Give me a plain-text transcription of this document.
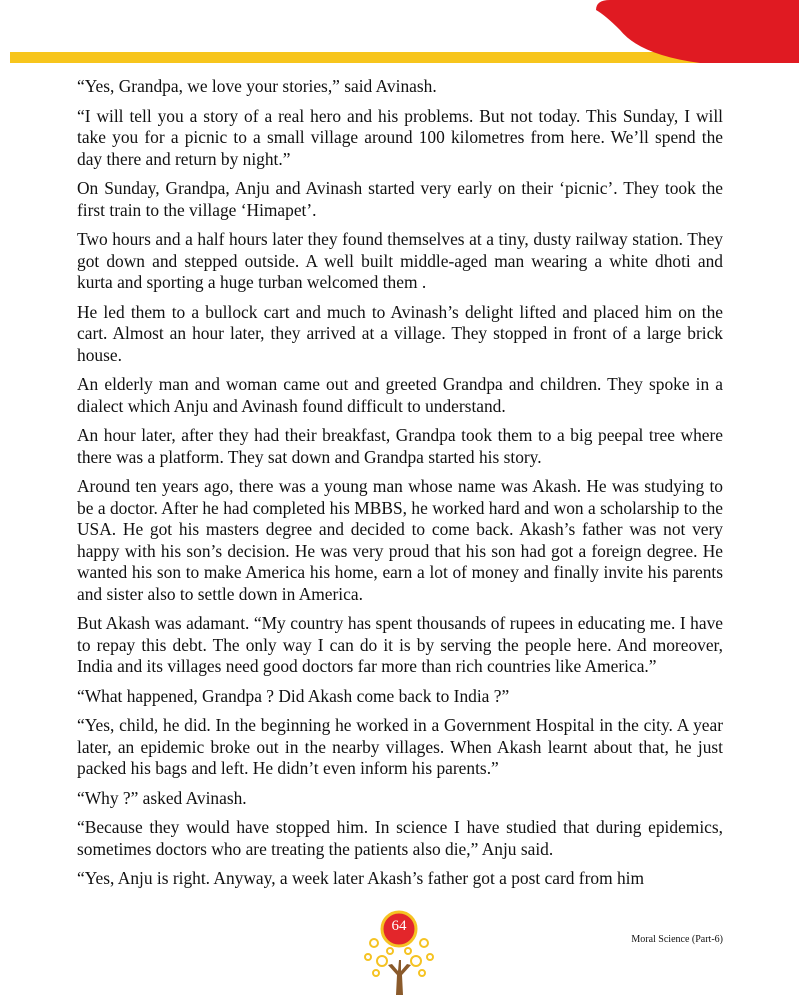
“Yes, Grandpa, we love your stories,” said Avinash.

“I will tell you a story of a real hero and his problems. But not today. This Sunday, I will take you for a picnic to a small village around 100 kilometres from here. We’ll spend the day there and return by night.”

On Sunday, Grandpa, Anju and Avinash started very early on their ‘picnic’. They took the first train to the village ‘Himapet’.

Two hours and a half hours later they found themselves at a tiny, dusty railway station. They got down and stepped outside. A well built middle-aged man wearing a white dhoti and kurta and sporting a huge turban welcomed them .

He led them to a bullock cart and much to Avinash’s delight lifted and placed him on the cart. Almost an hour later, they arrived at a village. They stopped in front of a large brick house.

An elderly man and woman came out and greeted Grandpa and children. They spoke in a dialect which Anju and Avinash found difficult to understand.

An hour later, after they had their breakfast, Grandpa took them to a big peepal tree where there was a platform. They sat down and Grandpa started his story.

Around ten years ago, there was a young man whose name was Akash. He was studying to be a doctor. After he had completed his MBBS, he worked hard and won a scholarship to the USA. He got his masters degree and decided to come back. Akash’s father was not very happy with his son’s decision. He was very proud that his son had got a foreign degree. He wanted his son to make America his home, earn a lot of money and finally invite his parents and sister also to settle down in America.

But Akash was adamant. “My country has spent thousands of rupees in educating me. I have to repay this debt. The only way I can do it is by serving the people here. And moreover, India and its villages need good doctors far more than rich countries like America.”

“What happened, Grandpa ? Did Akash come back to India ?”

“Yes, child, he did. In the beginning he worked in a Government Hospital in the city. A year later, an epidemic broke out in the nearby villages. When Akash learnt about that, he just packed his bags and left. He didn’t even inform his parents.”

“Why ?” asked Avinash.

“Because they would have stopped him. In science I have studied that during epidemics, sometimes doctors who are treating the patients also die,” Anju said.

“Yes, Anju is right. Anyway, a week later Akash’s father got a post card from him

64
Moral Science (Part-6)
